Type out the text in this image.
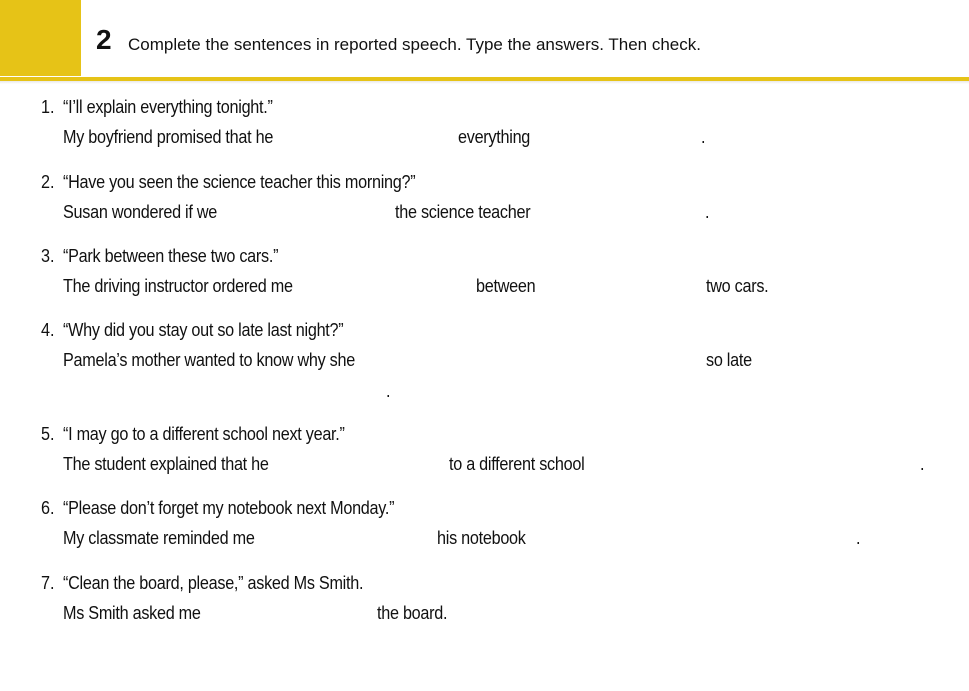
2 Complete the sentences in reported speech. Type the answers. Then check.
1. “I’ll explain everything tonight.”
My boyfriend promised that he	everything	.
2. “Have you seen the science teacher this morning?”
Susan wondered if we	the science teacher	.
3. “Park between these two cars.”
The driving instructor ordered me	between	two cars.
4. “Why did you stay out so late last night?”
Pamela’s mother wanted to know why she	so late
.
5. “I may go to a different school next year.”
The student explained that he	to a different school	.
6. “Please don’t forget my notebook next Monday.”
My classmate reminded me	his notebook	.
7. “Clean the board, please,” asked Ms Smith.
Ms Smith asked me	the board.
